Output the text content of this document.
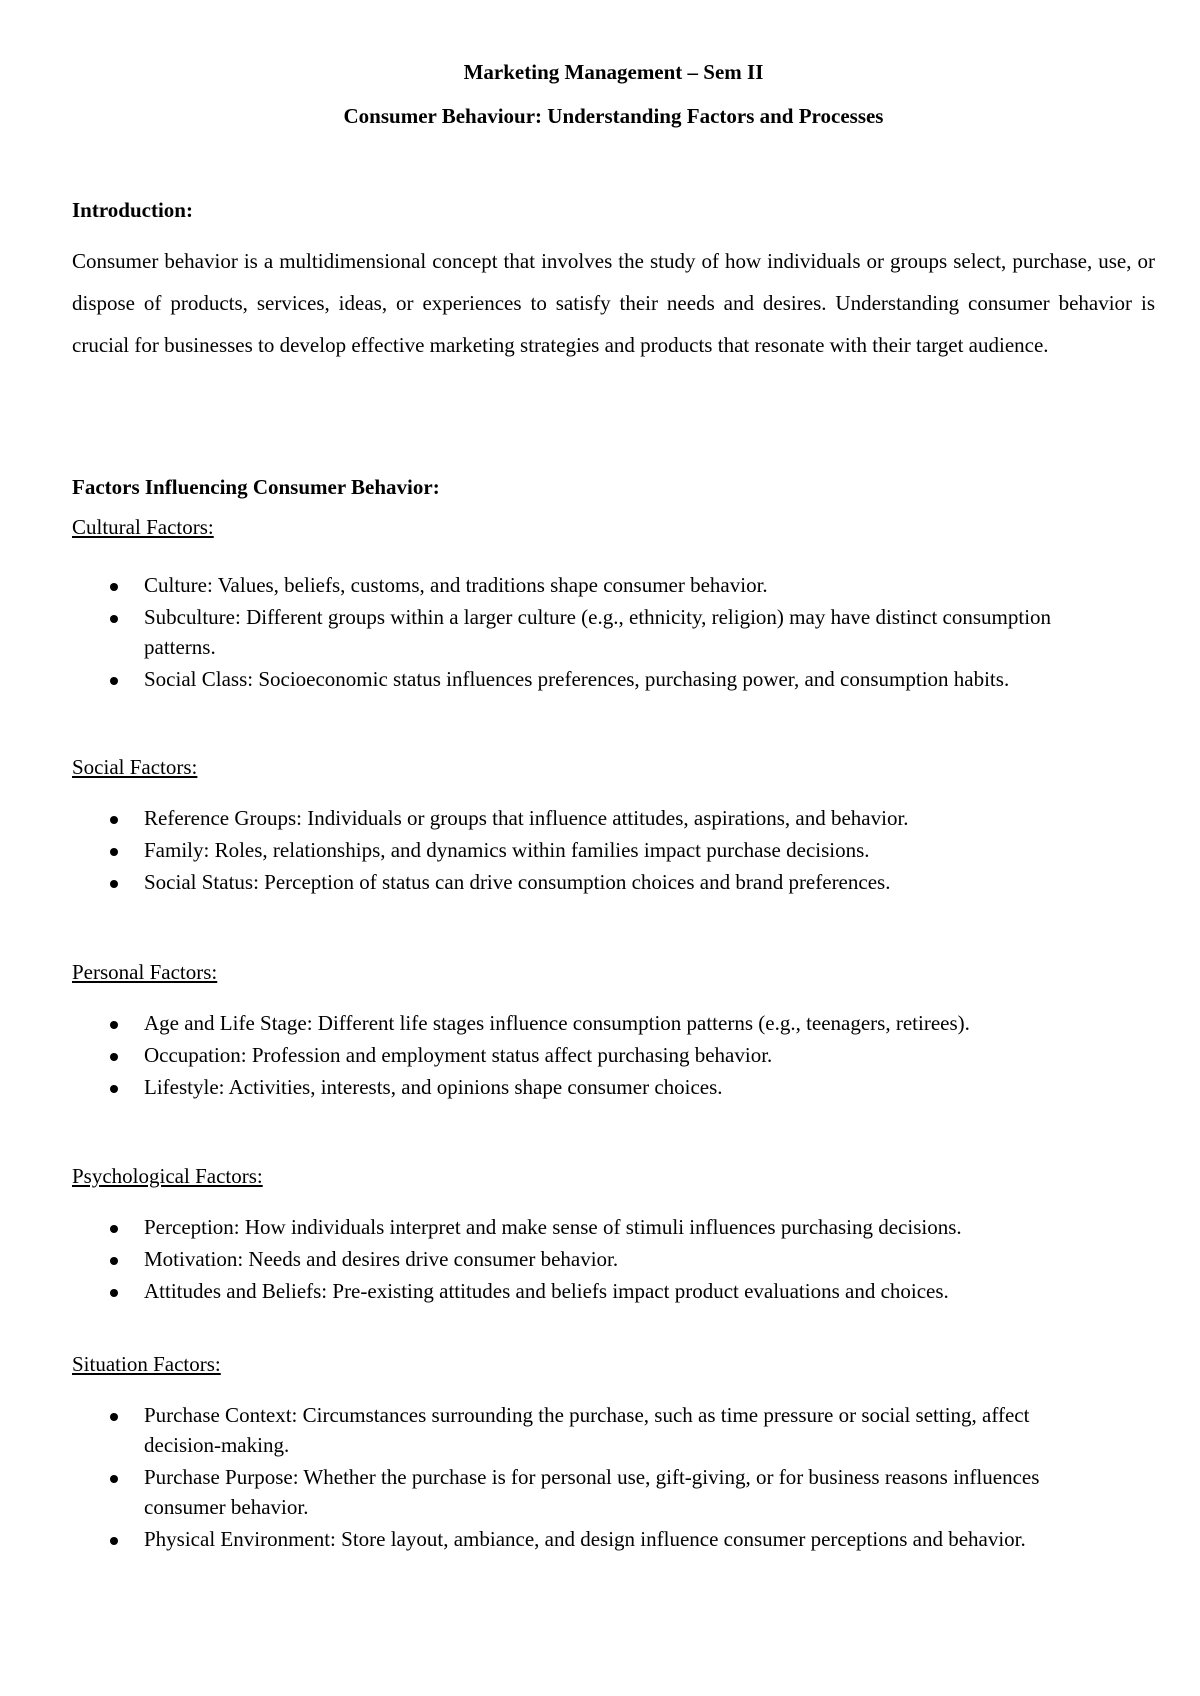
Marketing Management – Sem II

Consumer Behaviour: Understanding Factors and Processes

Introduction:

Consumer behavior is a multidimensional concept that involves the study of how individuals or groups select, purchase, use, or dispose of products, services, ideas, or experiences to satisfy their needs and desires. Understanding consumer behavior is crucial for businesses to develop effective marketing strategies and products that resonate with their target audience.

Factors Influencing Consumer Behavior:

Cultural Factors:

Culture: Values, beliefs, customs, and traditions shape consumer behavior.
Subculture: Different groups within a larger culture (e.g., ethnicity, religion) may have distinct consumption patterns.
Social Class: Socioeconomic status influences preferences, purchasing power, and consumption habits.

Social Factors:

Reference Groups: Individuals or groups that influence attitudes, aspirations, and behavior.
Family: Roles, relationships, and dynamics within families impact purchase decisions.
Social Status: Perception of status can drive consumption choices and brand preferences.

Personal Factors:

Age and Life Stage: Different life stages influence consumption patterns (e.g., teenagers, retirees).
Occupation: Profession and employment status affect purchasing behavior.
Lifestyle: Activities, interests, and opinions shape consumer choices.

Psychological Factors:

Perception: How individuals interpret and make sense of stimuli influences purchasing decisions.
Motivation: Needs and desires drive consumer behavior.
Attitudes and Beliefs: Pre-existing attitudes and beliefs impact product evaluations and choices.

Situation Factors:

Purchase Context: Circumstances surrounding the purchase, such as time pressure or social setting, affect decision-making.
Purchase Purpose: Whether the purchase is for personal use, gift-giving, or for business reasons influences consumer behavior.
Physical Environment: Store layout, ambiance, and design influence consumer perceptions and behavior.
